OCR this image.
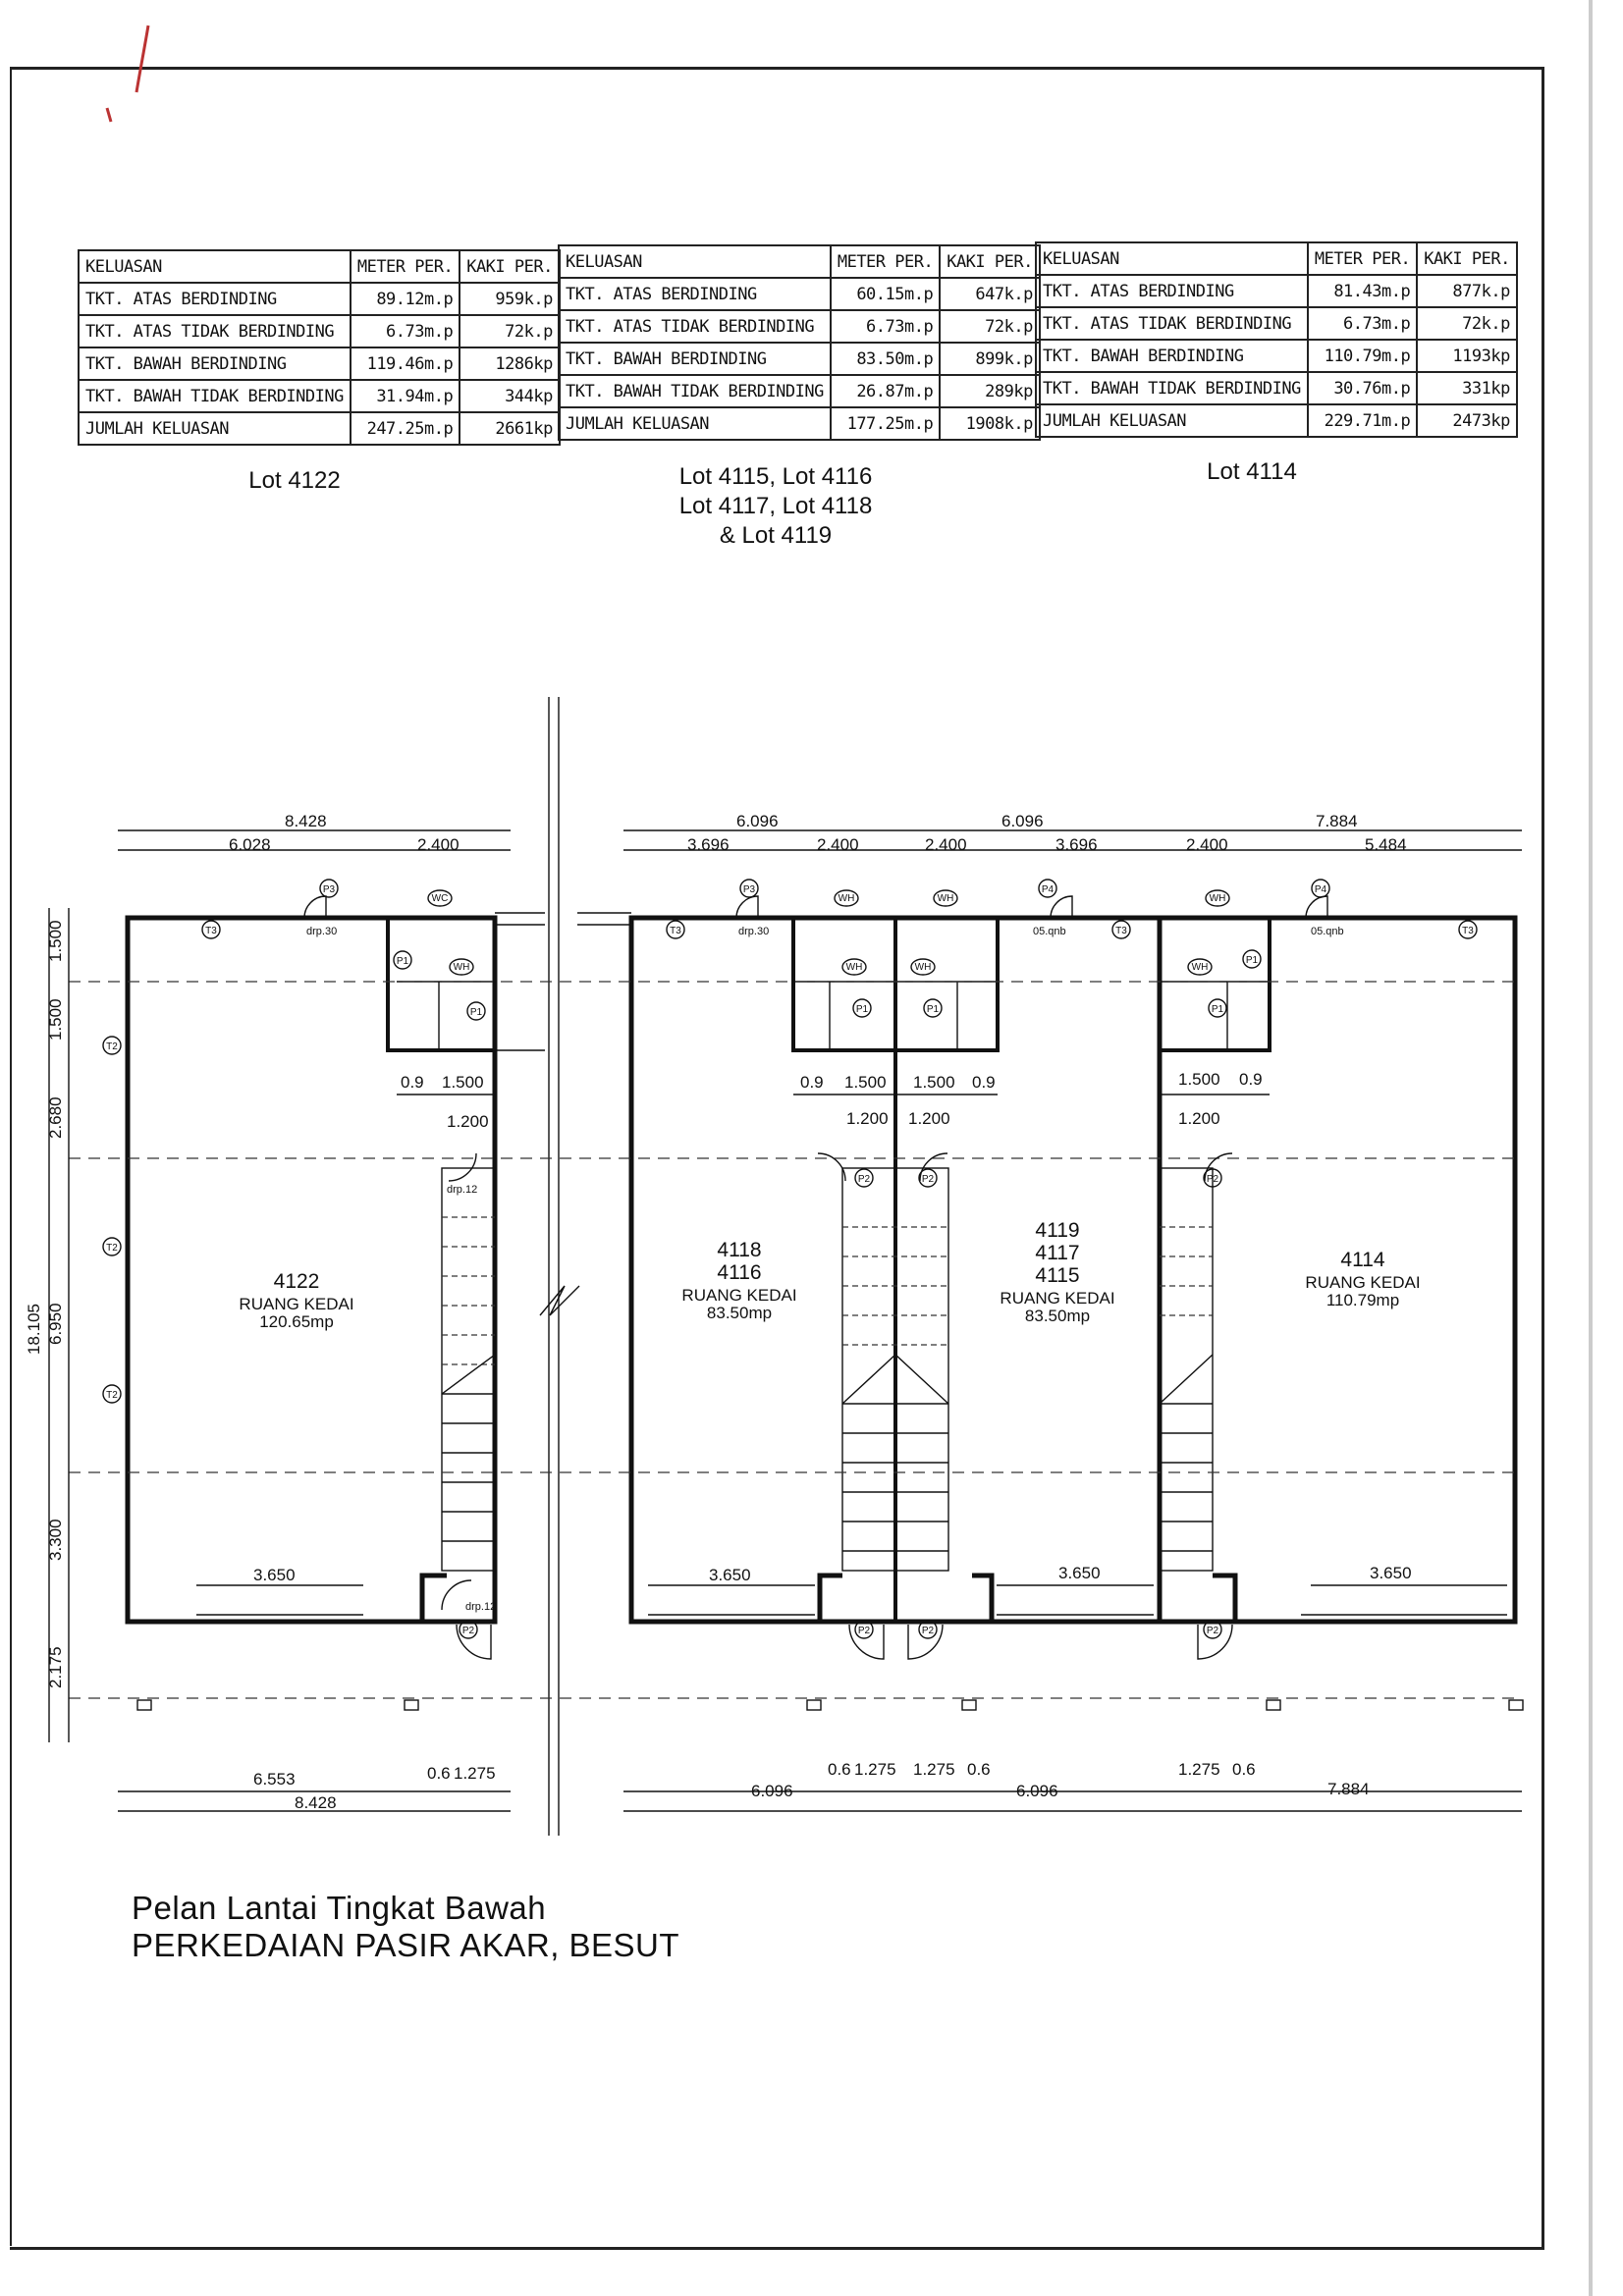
KELUASAN	METER PER.	KAKI PER.
TKT. ATAS BERDINDING	89.12m.p	959k.p
TKT. ATAS TIDAK BERDINDING	6.73m.p	72k.p
TKT. BAWAH BERDINDING	119.46m.p	1286kp
TKT. BAWAH TIDAK BERDINDING	31.94m.p	344kp
JUMLAH KELUASAN	247.25m.p	2661kp
Lot 4122
KELUASAN	METER PER.	KAKI PER.
TKT. ATAS BERDINDING	60.15m.p	647k.p
TKT. ATAS TIDAK BERDINDING	6.73m.p	72k.p
TKT. BAWAH BERDINDING	83.50m.p	899k.p
TKT. BAWAH TIDAK BERDINDING	26.87m.p	289kp
JUMLAH KELUASAN	177.25m.p	1908k.p
Lot 4115, Lot 4116
Lot 4117, Lot 4118
& Lot 4119
KELUASAN	METER PER.	KAKI PER.
TKT. ATAS BERDINDING	81.43m.p	877k.p
TKT. ATAS TIDAK BERDINDING	6.73m.p	72k.p
TKT. BAWAH BERDINDING	110.79m.p	1193kp
TKT. BAWAH TIDAK BERDINDING	30.76m.p	331kp
JUMLAH KELUASAN	229.71m.p	2473kp
Lot 4114
T3
P3
drp.30
WC
WH
P1
P1
T2
T2
T2
P2
drp.12
drp.12
T3
P3
drp.30
WH	WH
WH	WH
P1	P1
P4
05.qnb	T3
P2	P2
P2	P2
WH
WH
P1
P1
P4
05.qnb	T3
P2
P2
8.428
6.028	2.400
6.096	6.096
3.696	2.400	2.400	3.696
7.884
2.400	5.484
18.105 6.950
1.500
1.500
2.680
3.300
2.175
0.9 1.500	0.9 1.500 1.500 0.9	1.500 0.9
1.200	1.200 1.200	1.200
3.650	3.650	3.650	3.650
6.553	0.6 1.275
8.428
0.6 1.275 1.275 0.6
6.096	6.096
1.275 0.6
7.884
4122
RUANG KEDAI
120.65mp
4118
4116
RUANG KEDAI
83.50mp
4119
4117
4115
RUANG KEDAI
83.50mp
4114
RUANG KEDAI
110.79mp
Pelan Lantai Tingkat Bawah
PERKEDAIAN PASIR AKAR, BESUT
